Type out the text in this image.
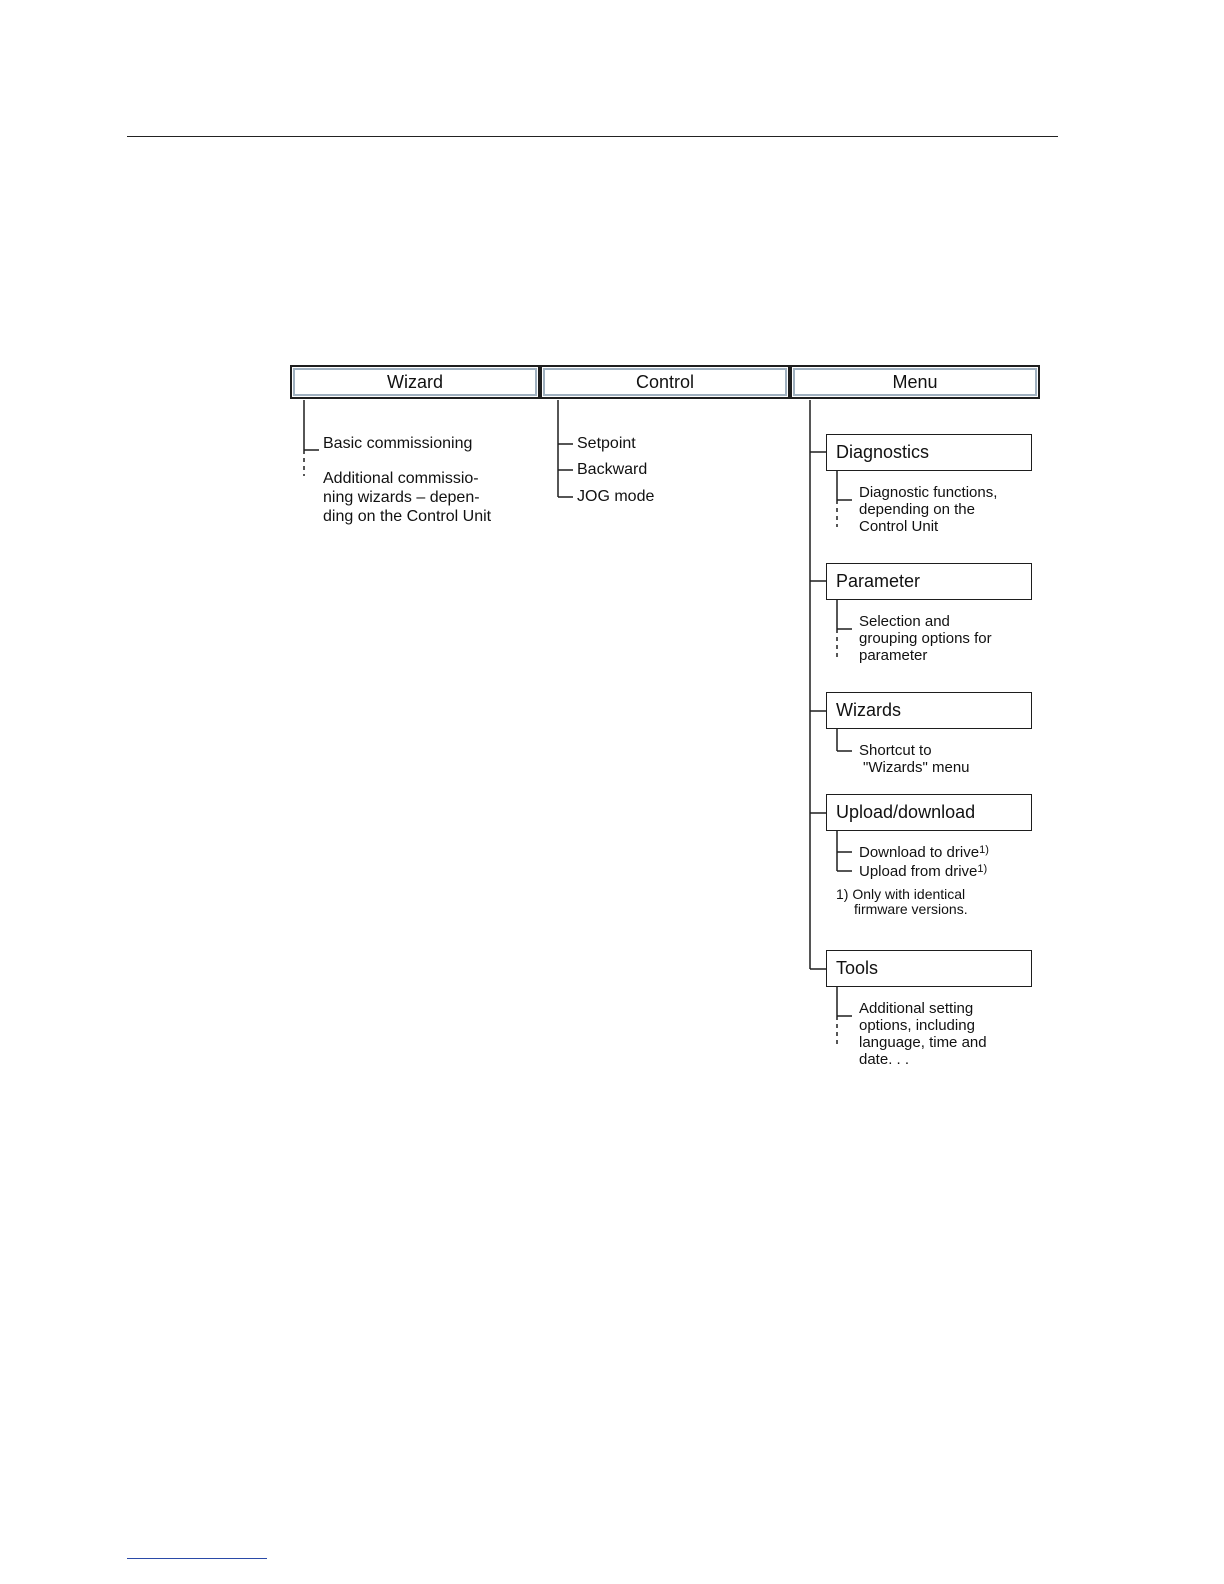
Wizard	Control	Menu
Basic commissioning
Additional commissio-
ning wizards – depen-
ding on the Control Unit
Setpoint
Backward
JOG mode
Diagnostics
Diagnostic functions,
depending on the
Control Unit
Parameter
Selection and
grouping options for
parameter
Wizards
Shortcut to
"Wizards" menu
Upload/download
Download to drive$^{1)}$
Upload from drive$^{1)}$
1) Only with identical
firmware versions.
Tools
Additional setting
options, including
language, time and
date. . .
